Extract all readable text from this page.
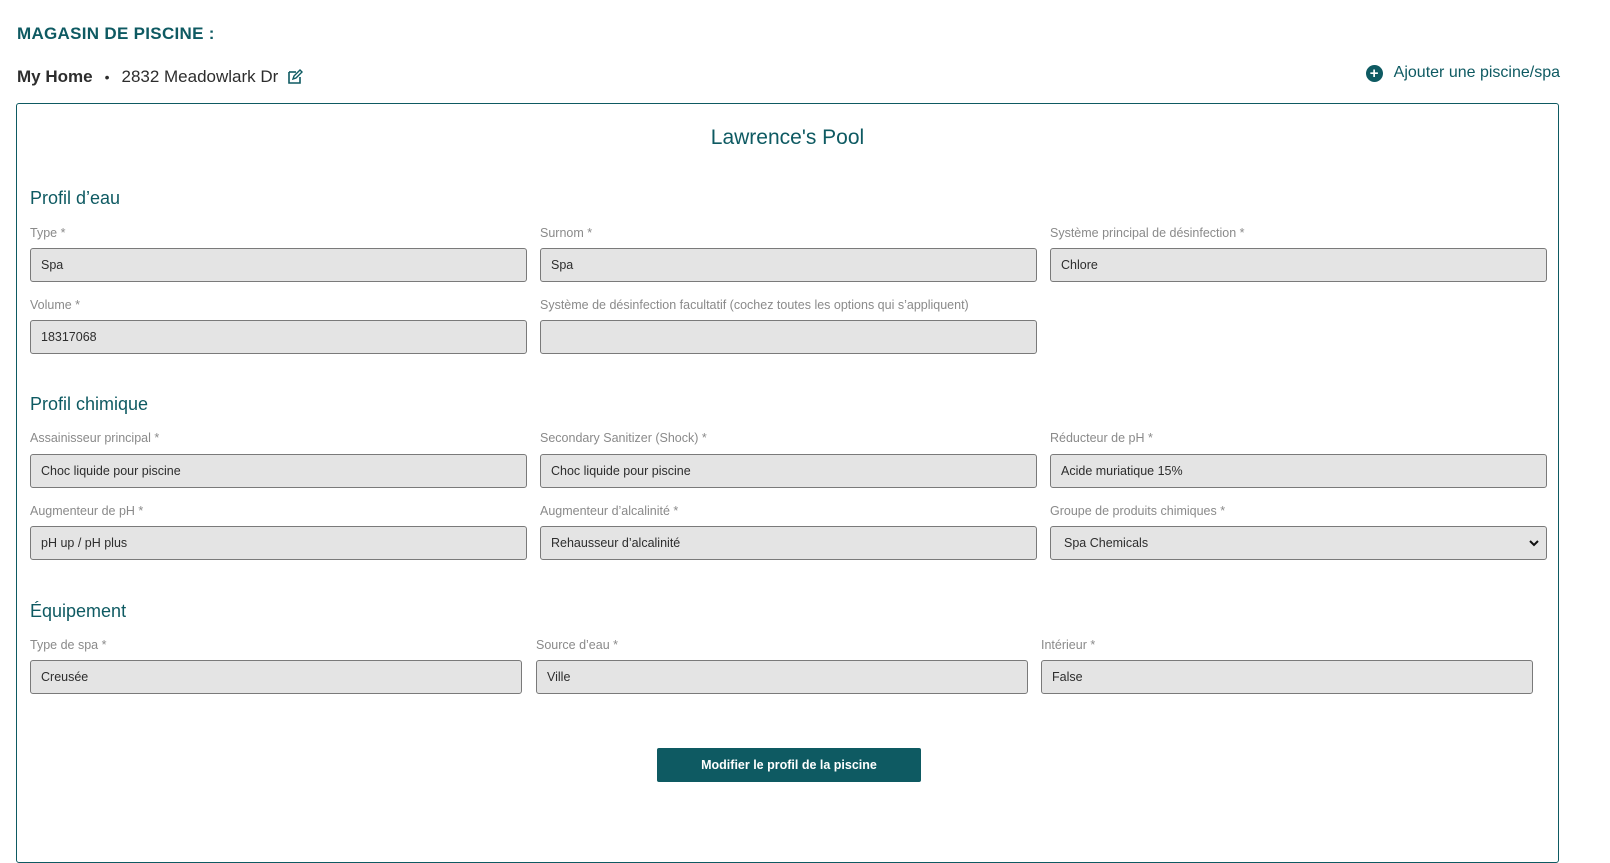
MAGASIN DE PISCINE :
My Home • 2832 Meadowlark Dr	+ Ajouter une piscine/spa
Lawrence's Pool
Profil d’eau
Type *
Spa
Surnom *
Spa
Système principal de désinfection *
Chlore
Volume *
18317068
Système de désinfection facultatif (cochez toutes les options qui s’appliquent)
Profil chimique
Assainisseur principal *
Choc liquide pour piscine
Secondary Sanitizer (Shock) *
Choc liquide pour piscine
Réducteur de pH *
Acide muriatique 15%
Augmenteur de pH *
pH up / pH plus
Augmenteur d’alcalinité *
Rehausseur d’alcalinité
Groupe de produits chimiques *
Spa Chemicals
Équipement
Type de spa *
Creusée
Source d’eau *
Ville
Intérieur *
False
Modifier le profil de la piscine
